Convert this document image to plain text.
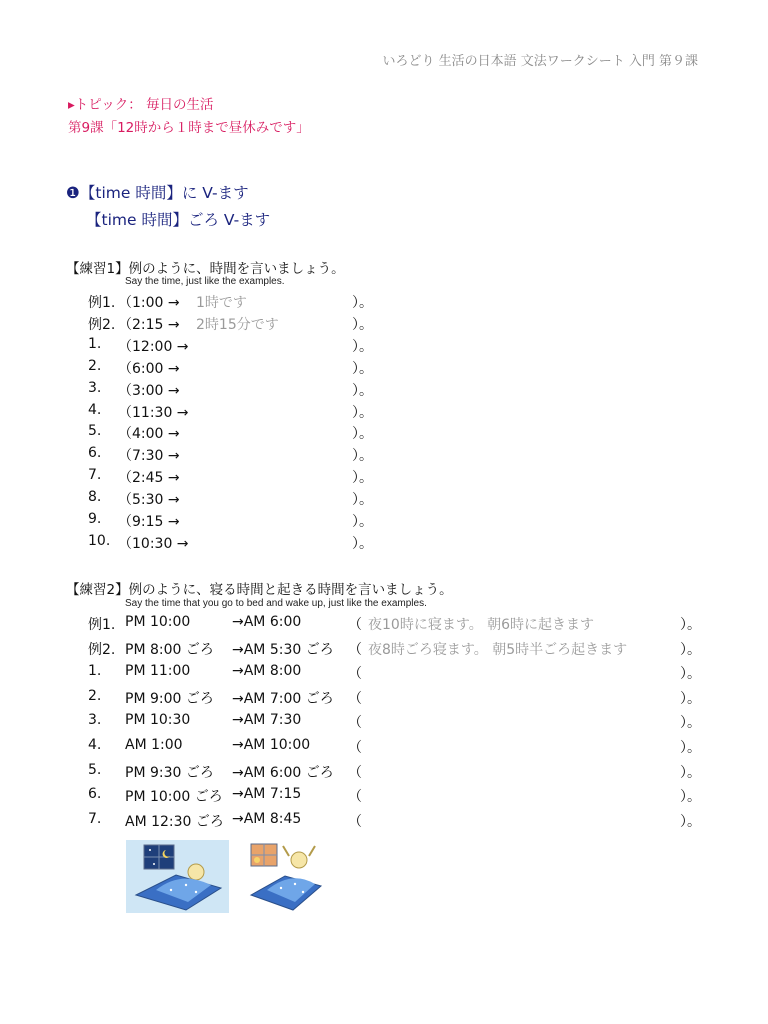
いろどり 生活の日本語 文法ワークシート 入門 第９課
▸トピック： 毎日の生活
第9課「12時から１時まで昼休みです」
❶【time 時間】に V-ます
【time 時間】ごろ V-ます
【練習1】例のように、時間を言いましょう。
Say the time, just like the examples.
例1. （1:00 → 1時です	）。
例2. （2:15 → 2時15分です	）。
1. （12:00 →	）。
2. （6:00 →	）。
3. （3:00 →	）。
4. （11:30 →	）。
5. （4:00 →	）。
6. （7:30 →	）。
7. （2:45 →	）。
8. （5:30 →	）。
9. （9:15 →	）。
10. （10:30 →	）。
【練習2】例のように、寝る時間と起きる時間を言いましょう。
Say the time that you go to bed and wake up, just like the examples.
例1. PM 10:00	→AM 6:00	（ 夜10時に寝ます。 朝6時に起きます	）。
例2. PM 8:00 ごろ →AM 5:30 ごろ （ 夜8時ごろ寝ます。 朝5時半ごろ起きます	）。
1. PM 11:00	→AM 8:00	（	）。
2. PM 9:00 ごろ →AM 7:00 ごろ （	）。
3. PM 10:30	→AM 7:30	（	）。
4. AM 1:00	→AM 10:00	（	）。
5. PM 9:30 ごろ →AM 6:00 ごろ （	）。
6. PM 10:00 ごろ →AM 7:15	（	）。
7. AM 12:30 ごろ →AM 8:45	（	）。
